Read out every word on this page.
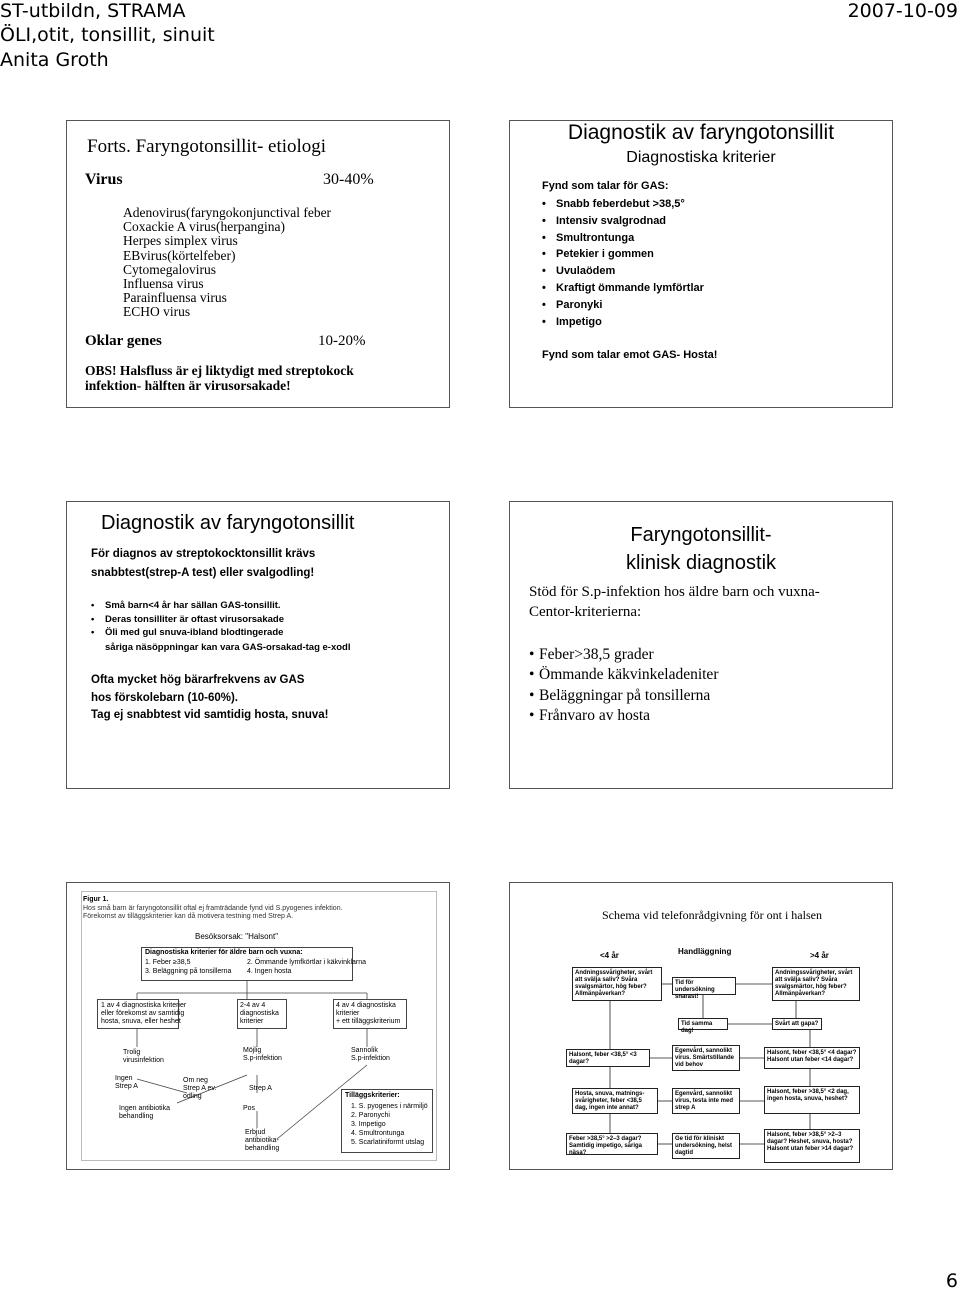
ST-utbildn, STRAMA
ÖLI,otit, tonsillit, sinuit
Anita Groth
2007-10-09
Forts. Faryngotonsillit- etiologi
Virus	30-40%
Adenovirus(faryngokonjunctival feber
Coxackie A virus(herpangina)
Herpes simplex virus
EBvirus(körtelfeber)
Cytomegalovirus
Influensa virus
Parainfluensa virus
ECHO virus
Oklar genes	10-20%
OBS! Halsfluss är ej liktydigt med streptokock
infektion- hälften är virusorsakade!
Diagnostik av faryngotonsillit
Diagnostiska kriterier
Fynd som talar för GAS:
• Snabb feberdebut >38,5°
• Intensiv svalgrodnad
• Smultrontunga
• Petekier i gommen
• Uvulaödem
• Kraftigt ömmande lymförtlar
• Paronyki
• Impetigo
Fynd som talar emot GAS- Hosta!
Diagnostik av faryngotonsillit
För diagnos av streptokocktonsillit krävs
snabbtest(strep-A test) eller svalgodling!
• Små barn<4 år har sällan GAS-tonsillit.
• Deras tonsilliter är oftast virusorsakade
• Öli med gul snuva-ibland blodtingerade
såriga näsöppningar kan vara GAS-orsakad-tag e-xodl
Ofta mycket hög bärarfrekvens av GAS
hos förskolebarn (10-60%).
Tag ej snabbtest vid samtidig hosta, snuva!
Faryngotonsillit-
klinisk diagnostik
Stöd för S.p-infektion hos äldre barn och vuxna-
Centor-kriterierna:
• Feber>38,5 grader
• Ömmande käkvinkeladeniter
• Beläggningar på tonsillerna
• Frånvaro av hosta
Figur 1.
Hos små barn är faryngotonsillit oftal ej framträdande fynd vid S.pyogenes infektion.
Förekomst av tilläggskriterier kan då motivera testning med Strep A.
Besöksorsak: "Halsont"
Diagnostiska kriterier för äldre barn och vuxna:
1. Feber ≥38,5	2. Ömmande lymfkörtlar i käkvinklarna
3. Beläggning på tonsillerna 4. Ingen hosta
1 av 4 diagnostiska kriterier
eller förekomst av samtidig
hosta, snuva, eller heshet
2-4 av 4
diagnostiska
kriterier
4 av 4 diagnostiska
kriterier
+ ett tilläggskriterium
Trolig
virusinfektion
Möjlig
S.p-infektion
Sannolik
S.p-infektion
Ingen
Strep A
Om neg
Strep A ev.
odling
Strep A
Ingen antibiotika
behandling
Pos
Erbjud
antibiotika-
behandling
Tilläggskriterier:
1. S. pyogenes i närmiljö
2. Paronychi
3. Impetigo
4. Smultrontunga
5. Scarlatiniformt utslag
Schema vid telefonrådgivning för ont i halsen
<4 år	Handläggning	>4 år
Andningssvårigheter, svårt att svälja saliv? Svåra svalgsmärtor, hög feber? Allmänpåverkan?
Tid för undersökning snarast!
Andningssvårigheter, svårt att svälja saliv? Svåra svalgsmärtor, hög feber? Allmänpåverkan?
Tid samma dag!
Svårt att gapa?
Halsont, feber <38,5° <3 dagar?
Egenvård, sannolikt virus. Smärtstillande vid behov
Halsont, feber <38,5° <4 dagar? Halsont utan feber <14 dagar?
Hosta, snuva, matnings-svårigheter, feber <38,5 dag, ingen inte annat?
Egenvård, sannolikt virus, testa inte med strep A
Halsont, feber >38,5° <2 dag, ingen hosta, snuva, heshet?
Feber >38,5° >2–3 dagar? Samtidig impetigo, såriga näsa?
Ge tid för kliniskt undersökning, helst dagtid
Halsont, feber >38,5° >2–3 dagar? Heshet, snuva, hosta? Halsont utan feber >14 dagar?
6
